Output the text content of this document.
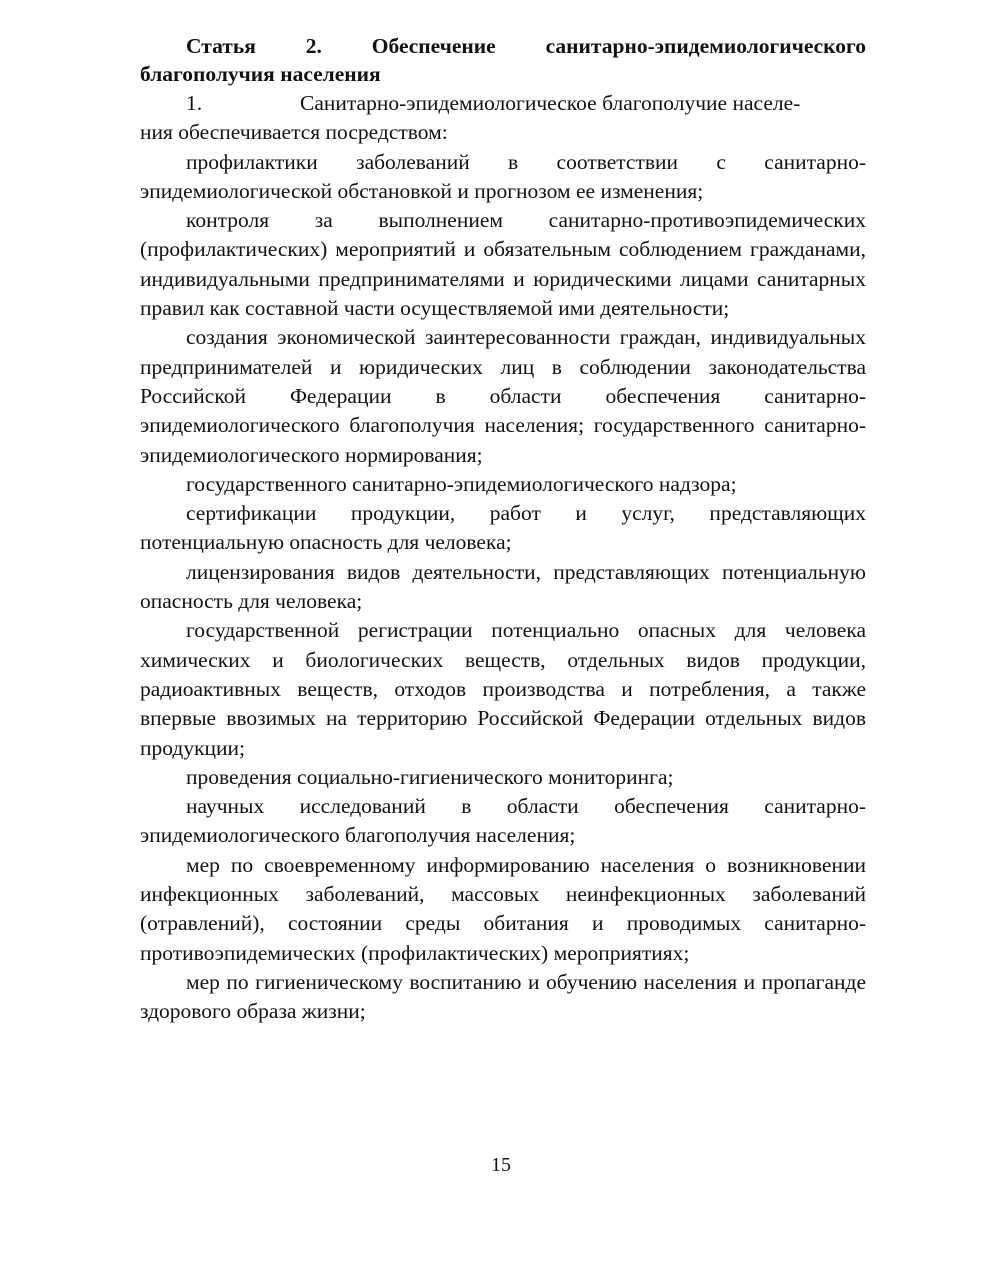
Статья 2. Обеспечение санитарно-эпидемиологического благополучия населения

1.	Санитарно-эпидемиологическое благополучие населе-
ния обеспечивается посредством:

профилактики заболеваний в соответствии с санитарно-эпидемиологической обстановкой и прогнозом ее изменения;

контроля за выполнением санитарно-противоэпидемических (профилактических) мероприятий и обязательным соблюдением гражданами, индивидуальными предпринимателями и юридическими лицами санитарных правил как составной части осуществляемой ими деятельности;

создания экономической заинтересованности граждан, индивидуальных предпринимателей и юридических лиц в соблюдении законодательства Российской Федерации в области обеспечения санитарно-эпидемиологического благополучия населения; государственного санитарно-эпидемиологического нормирования;

государственного санитарно-эпидемиологического надзора;

сертификации продукции, работ и услуг, представляющих потенциальную опасность для человека;

лицензирования видов деятельности, представляющих потенциальную опасность для человека;

государственной регистрации потенциально опасных для человека химических и биологических веществ, отдельных видов продукции, радиоактивных веществ, отходов производства и потребления, а также впервые ввозимых на территорию Российской Федерации отдельных видов продукции;

проведения социально-гигиенического мониторинга;

научных исследований в области обеспечения санитарно-эпидемиологического благополучия населения;

мер по своевременному информированию населения о возникновении инфекционных заболеваний, массовых неинфекционных заболеваний (отравлений), состоянии среды обитания и проводимых санитарно-противоэпидемических (профилактических) мероприятиях;

мер по гигиеническому воспитанию и обучению населения и пропаганде здорового образа жизни;

15
